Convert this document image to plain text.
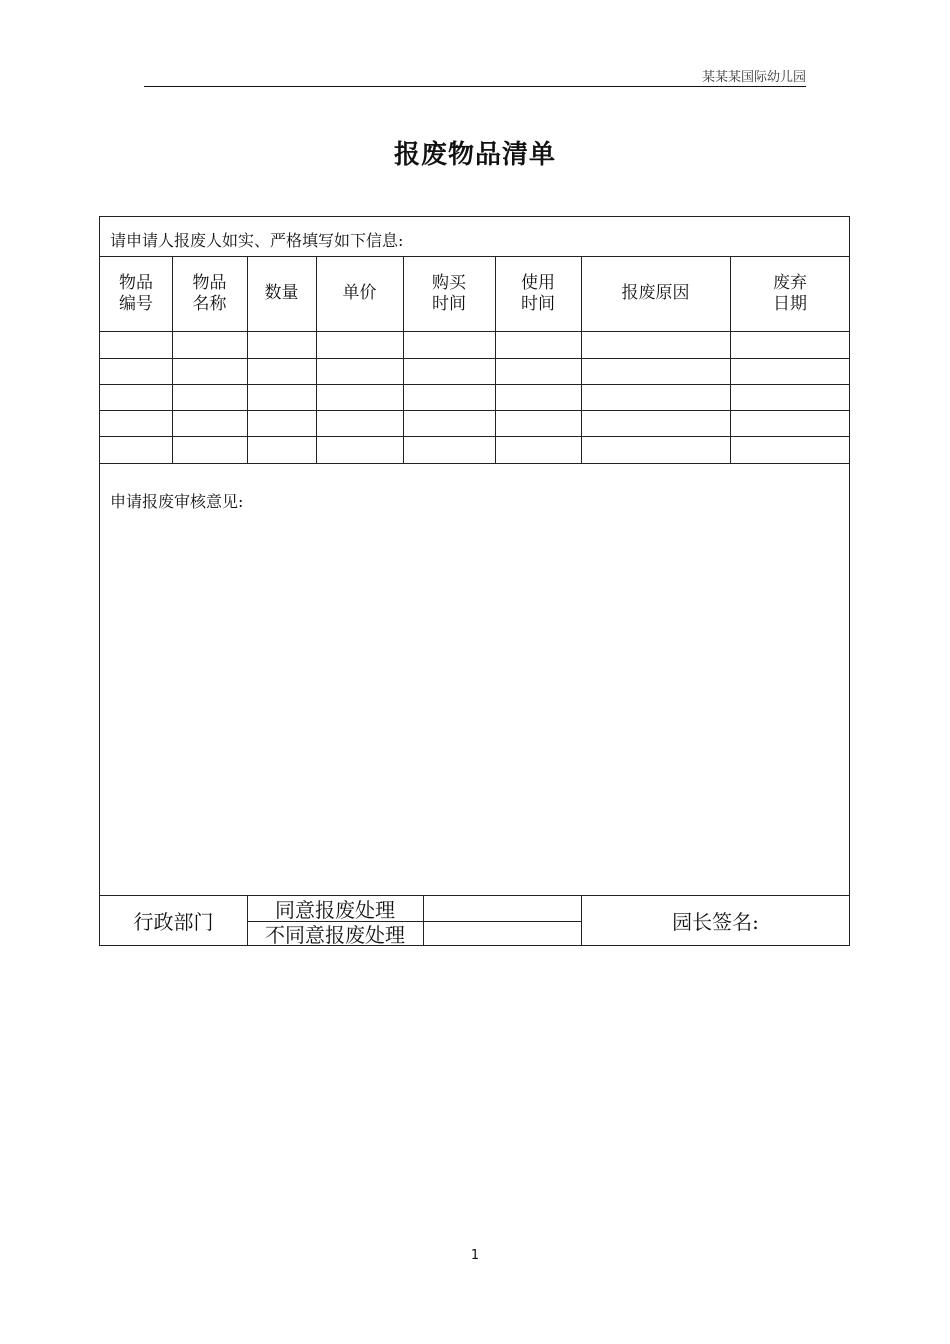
某某某国际幼儿园
报废物品清单
请申请人报废人如实、严格填写如下信息:
物品
编号
物品
名称
数量	单价
购买
时间
使用
时间
报废原因
废弃
日期
申请报废审核意见:
行政部门
同意报废处理
不同意报废处理
园长签名:
1
